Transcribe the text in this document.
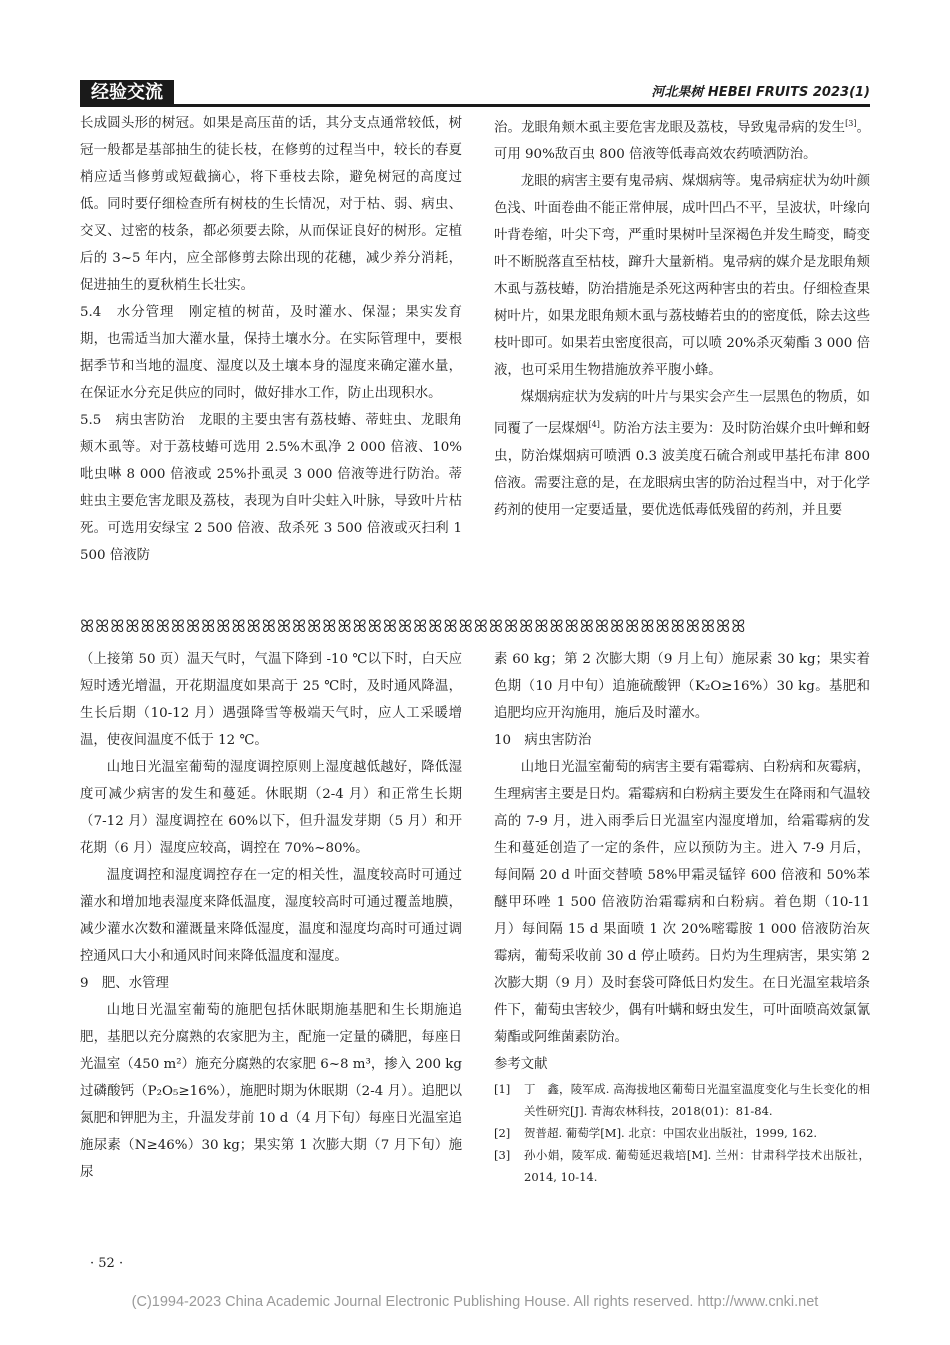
经验交流	河北果树 HEBEI FRUITS 2023(1)

长成圆头形的树冠。如果是高压苗的话，其分支点通常较低，树冠一般都是基部抽生的徒长枝，在修剪的过程当中，较长的春夏梢应适当修剪或短截摘心，将下垂枝去除，避免树冠的高度过低。同时要仔细检查所有树枝的生长情况，对于枯、弱、病虫、交叉、过密的枝条，都必须要去除，从而保证良好的树形。定植后的 3~5 年内，应全部修剪去除出现的花穗，减少养分消耗，促进抽生的夏秋梢生长壮实。

5.4　水分管理　 刚定植的树苗，及时灌水、保湿；果实发育期，也需适当加大灌水量，保持土壤水分。在实际管理中，要根据季节和当地的温度、湿度以及土壤本身的湿度来确定灌水量，在保证水分充足供应的同时，做好排水工作，防止出现积水。

5.5　病虫害防治　 龙眼的主要虫害有荔枝蝽、蒂蛀虫、龙眼角颊木虱等。对于荔枝蝽可选用 2.5%木虱净 2 000 倍液、10%吡虫啉 8 000 倍液或 25%扑虱灵 3 000 倍液等进行防治。蒂蛀虫主要危害龙眼及荔枝，表现为自叶尖蛀入叶脉，导致叶片枯死。可选用安绿宝 2 500 倍液、敌杀死 3 500 倍液或灭扫利 1 500 倍液防

治。龙眼角颊木虱主要危害龙眼及荔枝，导致鬼帚病的发生[3]。可用 90%敌百虫 800 倍液等低毒高效农药喷洒防治。

龙眼的病害主要有鬼帚病、煤烟病等。鬼帚病症状为幼叶颜色浅、叶面卷曲不能正常伸展，成叶凹凸不平，呈波状，叶缘向叶背卷缩，叶尖下弯，严重时果树叶呈深褐色并发生畸变，畸变叶不断脱落直至枯枝，蹿升大量新梢。鬼帚病的媒介是龙眼角颊木虱与荔枝蝽，防治措施是杀死这两种害虫的若虫。仔细检查果树叶片，如果龙眼角颊木虱与荔枝蝽若虫的的密度低，除去这些枝叶即可。如果若虫密度很高，可以喷 20%杀灭菊酯 3 000 倍液，也可采用生物措施放养平腹小蜂。

煤烟病症状为发病的叶片与果实会产生一层黑色的物质，如同覆了一层煤烟[4]。防治方法主要为：及时防治媒介虫叶蝉和蚜虫，防治煤烟病可喷洒 0.3 波美度石硫合剂或甲基托布津 800 倍液。需要注意的是，在龙眼病虫害的防治过程当中，对于化学药剂的使用一定要适量，要优选低毒低残留的药剂，并且要

ꕤꕤꕤꕤꕤꕤꕤꕤꕤꕤꕤꕤꕤꕤꕤꕤꕤꕤꕤꕤꕤꕤꕤꕤꕤꕤꕤꕤꕤꕤꕤꕤꕤꕤꕤꕤꕤꕤꕤꕤꕤꕤꕤꕤ

（上接第 50 页）温天气时，气温下降到 -10 ℃以下时，白天应短时透光增温，开花期温度如果高于 25 ℃时，及时通风降温，生长后期（10-12 月）遇强降雪等极端天气时，应人工采暖增温，使夜间温度不低于 12 ℃。

山地日光温室葡萄的湿度调控原则上湿度越低越好，降低湿度可减少病害的发生和蔓延。休眠期（2-4 月）和正常生长期（7-12 月）湿度调控在 60%以下，但升温发芽期（5 月）和开花期（6 月）湿度应较高，调控在 70%~80%。

温度调控和湿度调控存在一定的相关性，温度较高时可通过灌水和增加地表湿度来降低温度，湿度较高时可通过覆盖地膜，减少灌水次数和灌溉量来降低湿度，温度和湿度均高时可通过调控通风口大小和通风时间来降低温度和湿度。

9　肥、水管理

山地日光温室葡萄的施肥包括休眠期施基肥和生长期施追肥，基肥以充分腐熟的农家肥为主，配施一定量的磷肥，每座日光温室（450 m²）施充分腐熟的农家肥 6~8 m³，掺入 200 kg 过磷酸钙（P₂O₅≥16%），施肥时期为休眠期（2-4 月）。追肥以氮肥和钾肥为主，升温发芽前 10 d（4 月下旬）每座日光温室追施尿素（N≥46%）30 kg；果实第 1 次膨大期（7 月下旬）施尿

素 60 kg；第 2 次膨大期（9 月上旬）施尿素 30 kg；果实着色期（10 月中旬）追施硫酸钾（K₂O≥16%）30 kg。基肥和追肥均应开沟施用，施后及时灌水。

10　病虫害防治

山地日光温室葡萄的病害主要有霜霉病、白粉病和灰霉病，生理病害主要是日灼。霜霉病和白粉病主要发生在降雨和气温较高的 7-9 月，进入雨季后日光温室内湿度增加，给霜霉病的发生和蔓延创造了一定的条件，应以预防为主。进入 7-9 月后，每间隔 20 d 叶面交替喷 58%甲霜灵锰锌 600 倍液和 50%苯醚甲环唑 1 500 倍液防治霜霉病和白粉病。着色期（10-11 月）每间隔 15 d 果面喷 1 次 20%嘧霉胺 1 000 倍液防治灰霉病，葡萄采收前 30 d 停止喷药。日灼为生理病害，果实第 2 次膨大期（9 月）及时套袋可降低日灼发生。在日光温室栽培条件下，葡萄虫害较少，偶有叶螨和蚜虫发生，可叶面喷高效氯氰菊酯或阿维菌素防治。

参考文献

[1]	丁　鑫，陵军成. 高海拔地区葡萄日光温室温度变化与生长变化的相关性研究[J]. 青海农林科技，2018(01)：81-84.
[2]	贺普超. 葡萄学[M]. 北京：中国农业出版社，1999, 162.
[3]	孙小娟，陵军成. 葡萄延迟栽培[M]. 兰州：甘肃科学技术出版社，2014, 10-14.
· 52 ·
(C)1994-2023 China Academic Journal Electronic Publishing House. All rights reserved. http://www.cnki.net
